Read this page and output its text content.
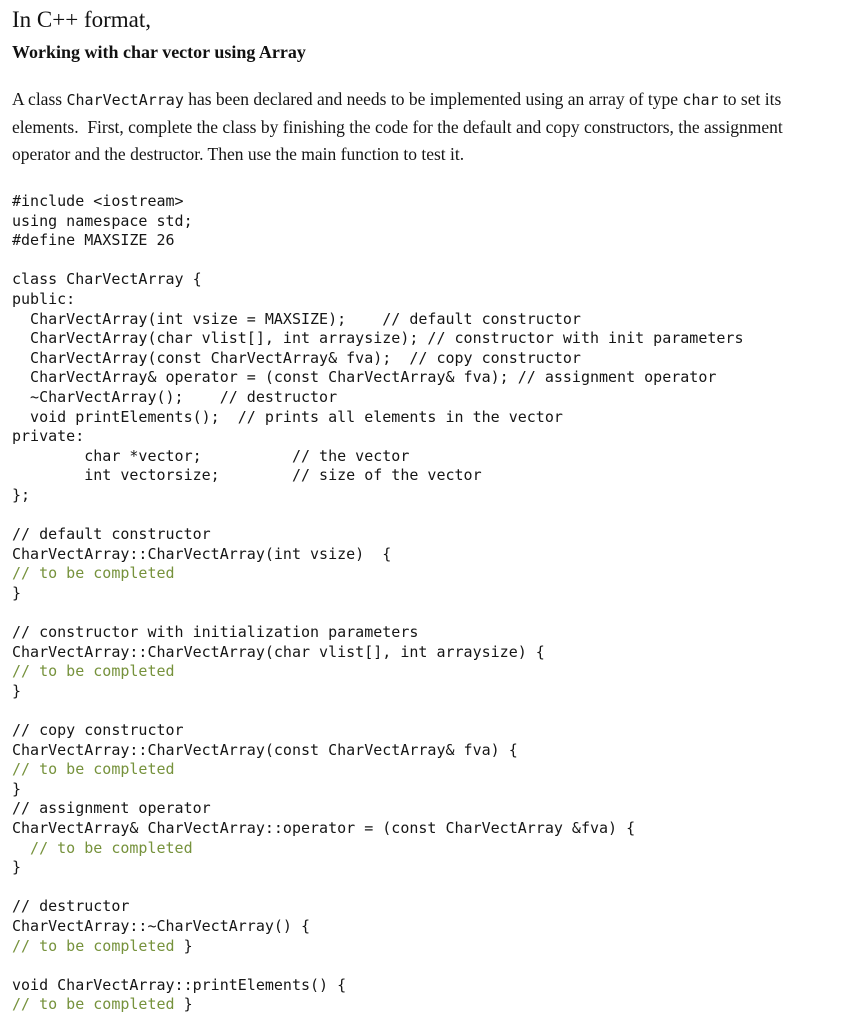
In C++ format,
Working with char vector using Array

A class CharVectArray has been declared and needs to be implemented using an array of type char to set its elements.  First, complete the class by finishing the code for the default and copy constructors, the assignment operator and the destructor. Then use the main function to test it.

#include <iostream>
using namespace std;
#define MAXSIZE 26

class CharVectArray {
public:
CharVectArray(int vsize = MAXSIZE);    // default constructor
CharVectArray(char vlist[], int arraysize); // constructor with init parameters
CharVectArray(const CharVectArray& fva);  // copy constructor
CharVectArray& operator = (const CharVectArray& fva); // assignment operator
~CharVectArray();    // destructor
void printElements();  // prints all elements in the vector
private:
char *vector;          // the vector
int vectorsize;        // size of the vector
};

// default constructor
CharVectArray::CharVectArray(int vsize)  {
// to be completed
}

// constructor with initialization parameters
CharVectArray::CharVectArray(char vlist[], int arraysize) {
// to be completed
}

// copy constructor
CharVectArray::CharVectArray(const CharVectArray& fva) {
// to be completed
}
// assignment operator
CharVectArray& CharVectArray::operator = (const CharVectArray &fva) {
// to be completed
}

// destructor
CharVectArray::~CharVectArray() {
// to be completed }

void CharVectArray::printElements() {
// to be completed }
